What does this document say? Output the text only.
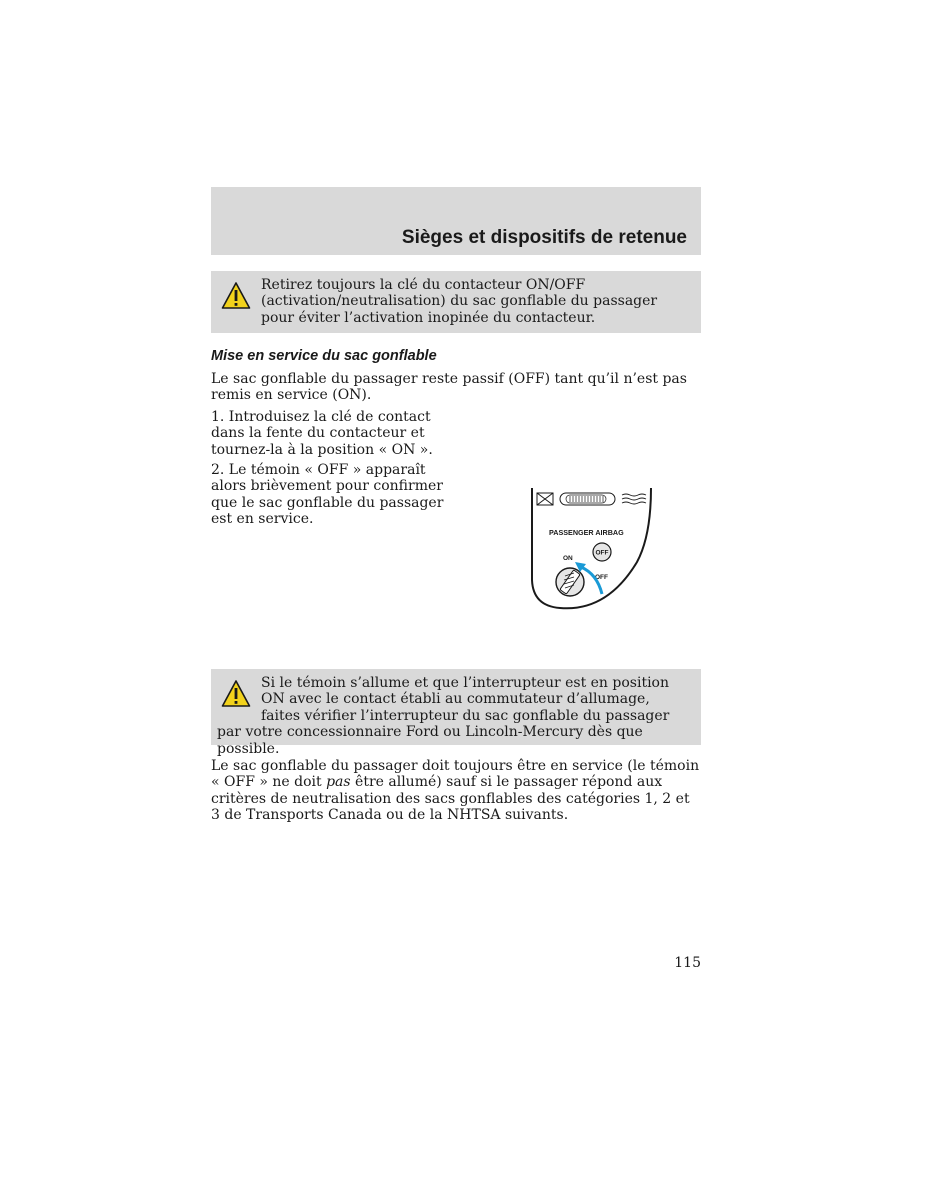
Sièges et dispositifs de retenue
Retirez toujours la clé du contacteur ON/OFF (activation/neutralisation) du sac gonflable du passager pour éviter l’activation inopinée du contacteur.
Mise en service du sac gonflable

Le sac gonflable du passager reste passif (OFF) tant qu’il n’est pas remis en service (ON).

1. Introduisez la clé de contact dans la fente du contacteur et tournez-la à la position « ON ».

2. Le témoin « OFF » apparaît alors brièvement pour confirmer que le sac gonflable du passager est en service.

PASSENGER AIRBAG
OFF
ON
OFF
Si le témoin s’allume et que l’interrupteur est en position ON avec le contact établi au commutateur d’allumage, faites vérifier l’interrupteur du sac gonflable du passager par votre concessionnaire Ford ou Lincoln-Mercury dès que possible.

Le sac gonflable du passager doit toujours être en service (le témoin « OFF » ne doit pas être allumé) sauf si le passager répond aux critères de neutralisation des sacs gonflables des catégories 1, 2 et 3 de Transports Canada ou de la NHTSA suivants.

115
